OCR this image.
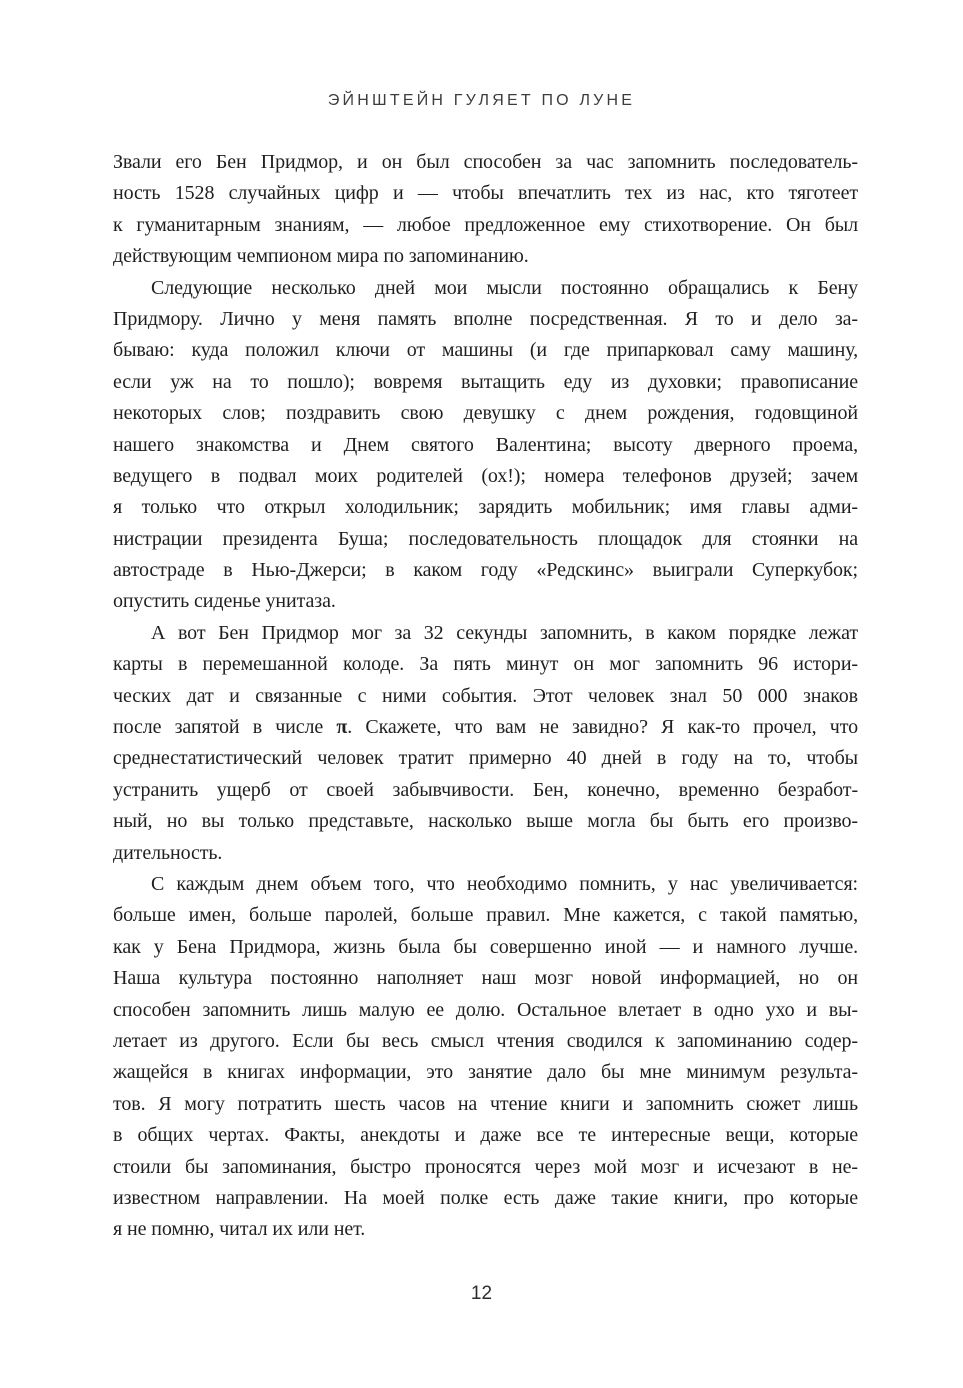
ЭЙНШТЕЙН ГУЛЯЕТ ПО ЛУНЕ
Звали его Бен Придмор, и он был способен за час запомнить последователь-
ность 1528 случайных цифр и — чтобы впечатлить тех из нас, кто тяготеет
к гуманитарным знаниям, — любое предложенное ему стихотворение. Он был
действующим чемпионом мира по запоминанию.
Следующие несколько дней мои мысли постоянно обращались к Бену
Придмору. Лично у меня память вполне посредственная. Я то и дело за-
бываю: куда положил ключи от машины (и где припарковал саму машину,
если уж на то пошло); вовремя вытащить еду из духовки; правописание
некоторых слов; поздравить свою девушку с днем рождения, годовщиной
нашего знакомства и Днем святого Валентина; высоту дверного проема,
ведущего в подвал моих родителей (ох!); номера телефонов друзей; зачем
я только что открыл холодильник; зарядить мобильник; имя главы адми-
нистрации президента Буша; последовательность площадок для стоянки на
автостраде в Нью-Джерси; в каком году «Редскинс» выиграли Суперкубок;
опустить сиденье унитаза.
А вот Бен Придмор мог за 32 секунды запомнить, в каком порядке лежат
карты в перемешанной колоде. За пять минут он мог запомнить 96 истори-
ческих дат и связанные с ними события. Этот человек знал 50 000 знаков
после запятой в числе π. Скажете, что вам не завидно? Я как-то прочел, что
среднестатистический человек тратит примерно 40 дней в году на то, чтобы
устранить ущерб от своей забывчивости. Бен, конечно, временно безработ-
ный, но вы только представьте, насколько выше могла бы быть его произво-
дительность.
С каждым днем объем того, что необходимо помнить, у нас увеличивается:
больше имен, больше паролей, больше правил. Мне кажется, с такой памятью,
как у Бена Придмора, жизнь была бы совершенно иной — и намного лучше.
Наша культура постоянно наполняет наш мозг новой информацией, но он
способен запомнить лишь малую ее долю. Остальное влетает в одно ухо и вы-
летает из другого. Если бы весь смысл чтения сводился к запоминанию содер-
жащейся в книгах информации, это занятие дало бы мне минимум результа-
тов. Я могу потратить шесть часов на чтение книги и запомнить сюжет лишь
в общих чертах. Факты, анекдоты и даже все те интересные вещи, которые
стоили бы запоминания, быстро проносятся через мой мозг и исчезают в не-
известном направлении. На моей полке есть даже такие книги, про которые
я не помню, читал их или нет.
12
